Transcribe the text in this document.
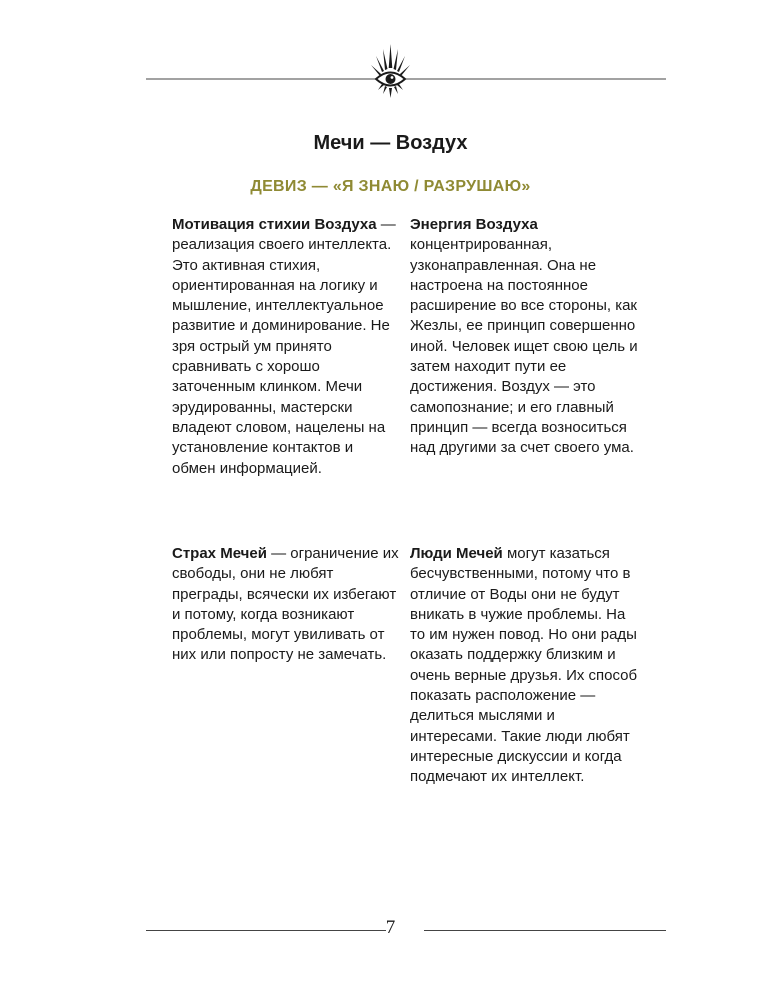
Мечи — Воздух
ДЕВИЗ — «Я ЗНАЮ / РАЗРУШАЮ»

Мотивация стихии Воздуха — реализация своего интеллекта. Это активная стихия, ориентированная на логику и мышление, интеллектуальное развитие и доминирование. Не зря острый ум принято сравнивать с хорошо заточенным клинком. Мечи эрудированны, мастерски владеют словом, нацелены на установление контактов и обмен информацией.

Энергия Воздуха концентрированная, узконаправленная. Она не настроена на постоянное расширение во все стороны, как Жезлы, ее принцип совершенно иной. Человек ищет свою цель и затем находит пути ее достижения. Воздух — это самопознание; и его главный принцип — всегда возноситься над другими за счет своего ума.

Страх Мечей — ограничение их свободы, они не любят преграды, всячески их избегают и потому, когда возникают проблемы, могут увиливать от них или попросту не замечать.

Люди Мечей могут казаться бесчувственными, потому что в отличие от Воды они не будут вникать в чужие проблемы. На то им нужен повод. Но они рады оказать поддержку близким и очень верные друзья. Их способ показать расположение — делиться мыслями и интересами. Такие люди любят интересные дискуссии и когда подмечают их интеллект.

7
